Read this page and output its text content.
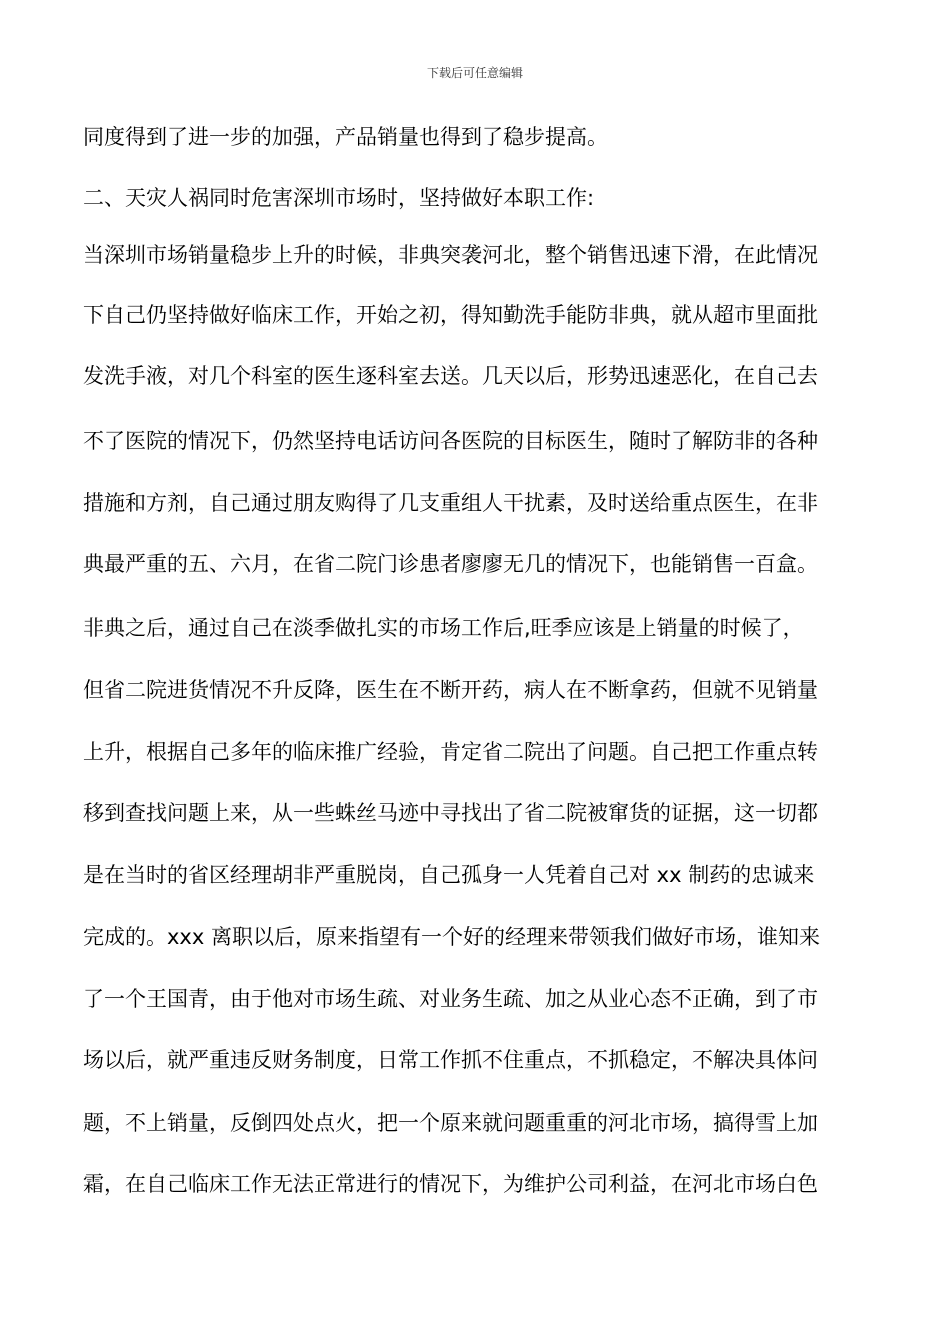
下载后可任意编辑
同度得到了进一步的加强，产品销量也得到了稳步提高。
二、天灾人祸同时危害深圳市场时，坚持做好本职工作:
当深圳市场销量稳步上升的时候，非典突袭河北，整个销售迅速下滑，在此情况
下自己仍坚持做好临床工作，开始之初，得知勤洗手能防非典，就从超市里面批
发洗手液，对几个科室的医生逐科室去送。几天以后，形势迅速恶化，在自己去
不了医院的情况下，仍然坚持电话访问各医院的目标医生，随时了解防非的各种
措施和方剂，自己通过朋友购得了几支重组人干扰素，及时送给重点医生，在非
典最严重的五、六月，在省二院门诊患者廖廖无几的情况下，也能销售一百盒。
非典之后，通过自己在淡季做扎实的市场工作后,旺季应该是上销量的时候了，
但省二院进货情况不升反降，医生在不断开药，病人在不断拿药，但就不见销量
上升，根据自己多年的临床推广经验，肯定省二院出了问题。自己把工作重点转
移到查找问题上来，从一些蛛丝马迹中寻找出了省二院被窜货的证据，这一切都
是在当时的省区经理胡非严重脱岗，自己孤身一人凭着自己对 xx 制药的忠诚来
完成的。xxx 离职以后，原来指望有一个好的经理来带领我们做好市场，谁知来
了一个王国青，由于他对市场生疏、对业务生疏、加之从业心态不正确，到了市
场以后，就严重违反财务制度，日常工作抓不住重点，不抓稳定，不解决具体问
题，不上销量，反倒四处点火，把一个原来就问题重重的河北市场，搞得雪上加
霜，在自己临床工作无法正常进行的情况下，为维护公司利益，在河北市场白色
